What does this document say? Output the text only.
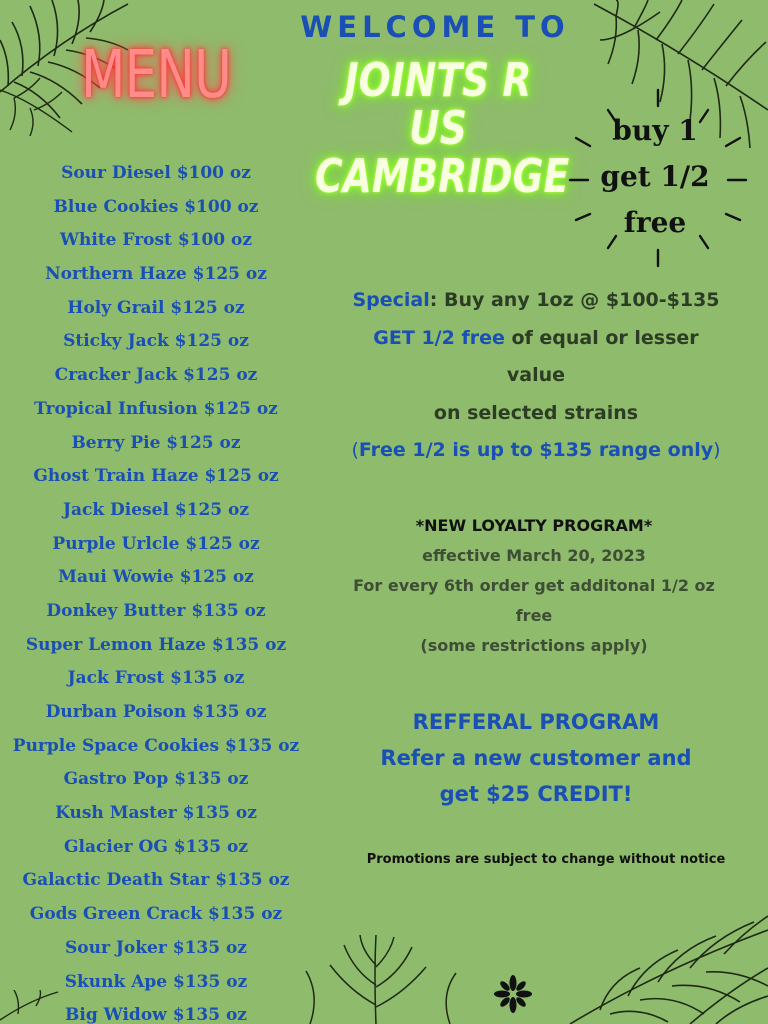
WELCOME TO
MENU	JOINTS R US
CAMBRIDGE
buy 1
get 1/2
free
Sour Diesel $100 oz
Blue Cookies $100 oz
White Frost $100 oz
Northern Haze $125 oz
Holy Grail $125 oz
Sticky Jack $125 oz
Cracker Jack $125 oz
Tropical Infusion $125 oz
Berry Pie $125 oz
Ghost Train Haze $125 oz
Jack Diesel $125 oz
Purple Urlcle $125 oz
Maui Wowie $125 oz
Donkey Butter $135 oz
Super Lemon Haze $135 oz
Jack Frost $135 oz
Durban Poison $135 oz
Purple Space Cookies $135 oz
Gastro Pop $135 oz
Kush Master $135 oz
Glacier OG $135 oz
Galactic Death Star $135 oz
Gods Green Crack $135 oz
Sour Joker $135 oz
Skunk Ape $135 oz
Big Widow $135 oz
Special: Buy any 1oz @ $100-$135
GET 1/2 free of equal or lesser
value
on selected strains
(Free 1/2 is up to $135 range only)
*NEW LOYALTY PROGRAM*
effective March 20, 2023
For every 6th order get additonal 1/2 oz
free
(some restrictions apply)
REFFERAL PROGRAM
Refer a new customer and
get $25 CREDIT!
Promotions are subject to change without notice
